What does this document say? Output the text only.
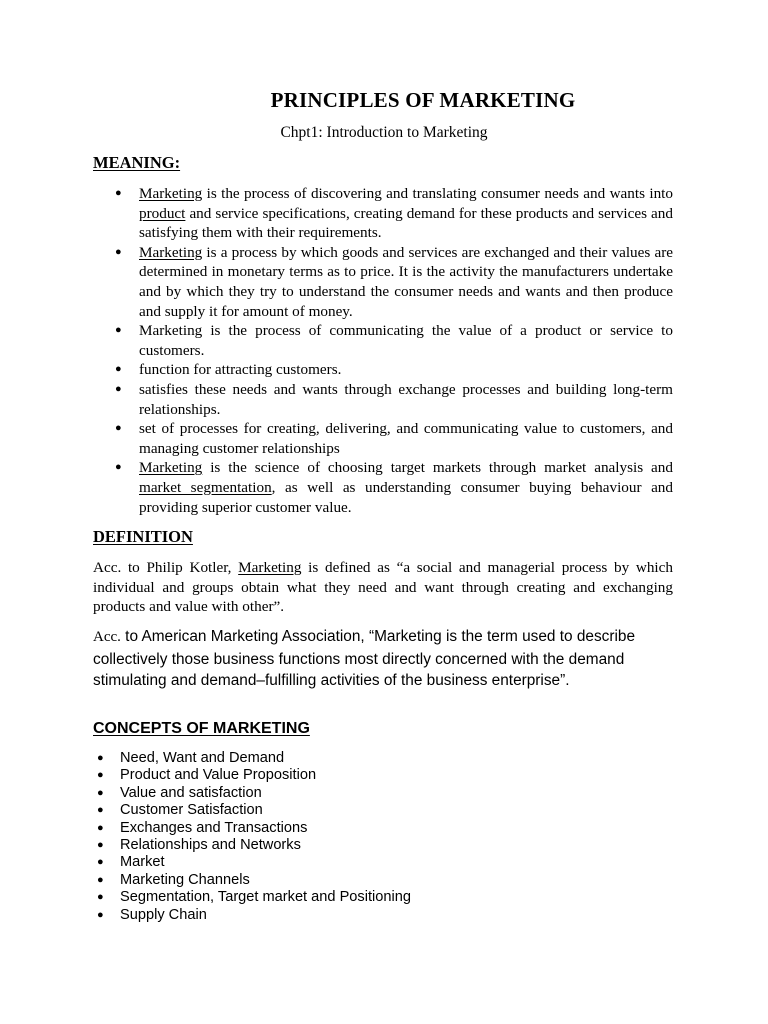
PRINCIPLES OF MARKETING
Chpt1: Introduction to Marketing
MEANING:
● Marketing is the process of discovering and translating consumer needs and wants into product and service specifications, creating demand for these products and services and satisfying them with their requirements.
● Marketing is a process by which goods and services are exchanged and their values are determined in monetary terms as to price. It is the activity the manufacturers undertake and by which they try to understand the consumer needs and wants and then produce and supply it for amount of money.
● Marketing is the process of communicating the value of a product or service to customers.
● function for attracting customers.
● satisfies these needs and wants through exchange processes and building long-term relationships.
● set of processes for creating, delivering, and communicating value to customers, and managing customer relationships
● Marketing is the science of choosing target markets through market analysis and market segmentation, as well as understanding consumer buying behaviour and providing superior customer value.
DEFINITION

Acc. to Philip Kotler, Marketing is defined as “a social and managerial process by which individual and groups obtain what they need and want through creating and exchanging products and value with other”.

Acc. to American Marketing Association, “Marketing is the term used to describe collectively those business functions most directly concerned with the demand stimulating and demand–fulfilling activities of the business enterprise”.

CONCEPTS OF MARKETING
● Need, Want and Demand
● Product and Value Proposition
● Value and satisfaction
● Customer Satisfaction
● Exchanges and Transactions
● Relationships and Networks
● Market
● Marketing Channels
● Segmentation, Target market and Positioning
● Supply Chain
